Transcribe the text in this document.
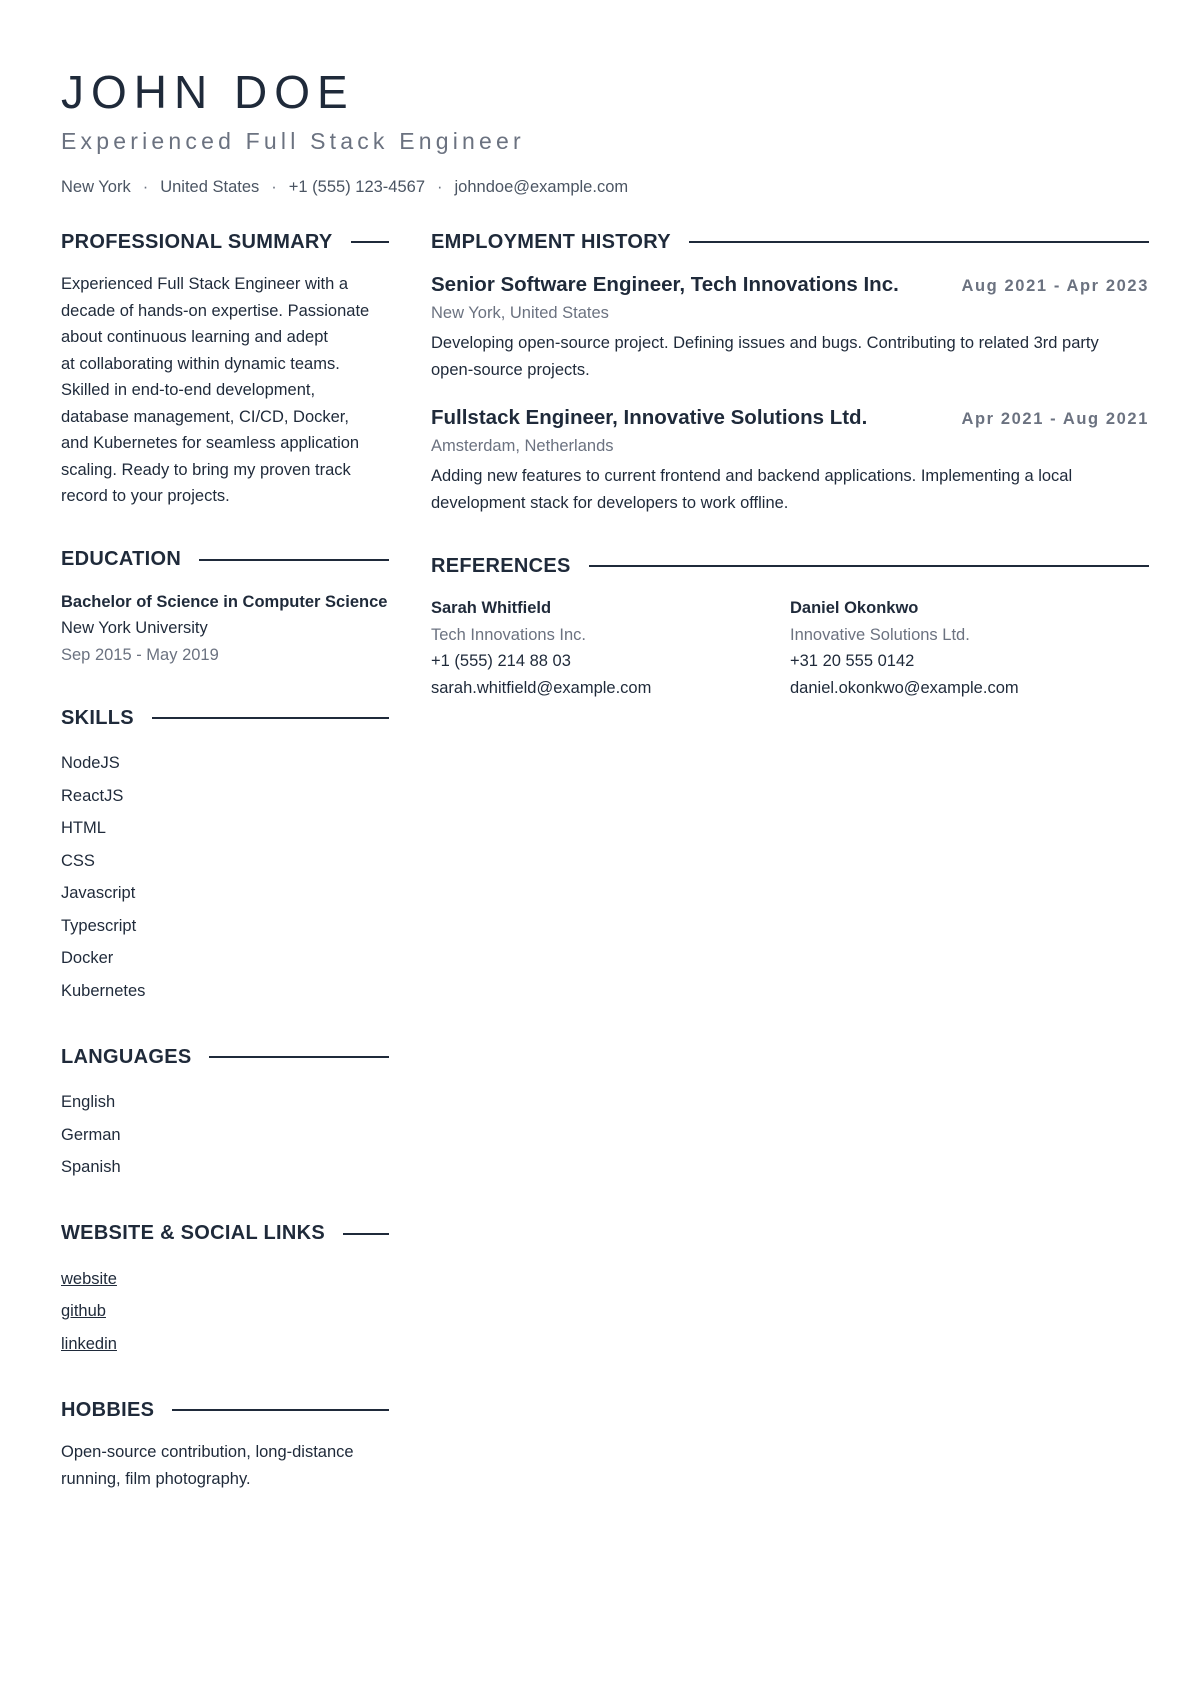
JOHN DOE
Experienced Full Stack Engineer
New York · United States · +1 (555) 123-4567 · johndoe@example.com
PROFESSIONAL SUMMARY
Experienced Full Stack Engineer with a
decade of hands-on expertise. Passionate
about continuous learning and adept
at collaborating within dynamic teams.
Skilled in end-to-end development,
database management, CI/CD, Docker,
and Kubernetes for seamless application
scaling. Ready to bring my proven track
record to your projects.
EDUCATION
Bachelor of Science in Computer Science
New York University
Sep 2015 - May 2019
SKILLS
NodeJS
ReactJS
HTML
CSS
Javascript
Typescript
Docker
Kubernetes
LANGUAGES
English
German
Spanish
WEBSITE & SOCIAL LINKS
website
github
linkedin
HOBBIES
Open-source contribution, long-distance
running, film photography.
EMPLOYMENT HISTORY
Senior Software Engineer, Tech Innovations Inc.	Aug 2021 - Apr 2023
New York, United States
Developing open-source project. Defining issues and bugs. Contributing to related 3rd party
open-source projects.
Fullstack Engineer, Innovative Solutions Ltd.	Apr 2021 - Aug 2021
Amsterdam, Netherlands
Adding new features to current frontend and backend applications. Implementing a local
development stack for developers to work offline.
REFERENCES
Sarah Whitfield
Tech Innovations Inc.
+1 (555) 214 88 03
sarah.whitfield@example.com
Daniel Okonkwo
Innovative Solutions Ltd.
+31 20 555 0142
daniel.okonkwo@example.com
